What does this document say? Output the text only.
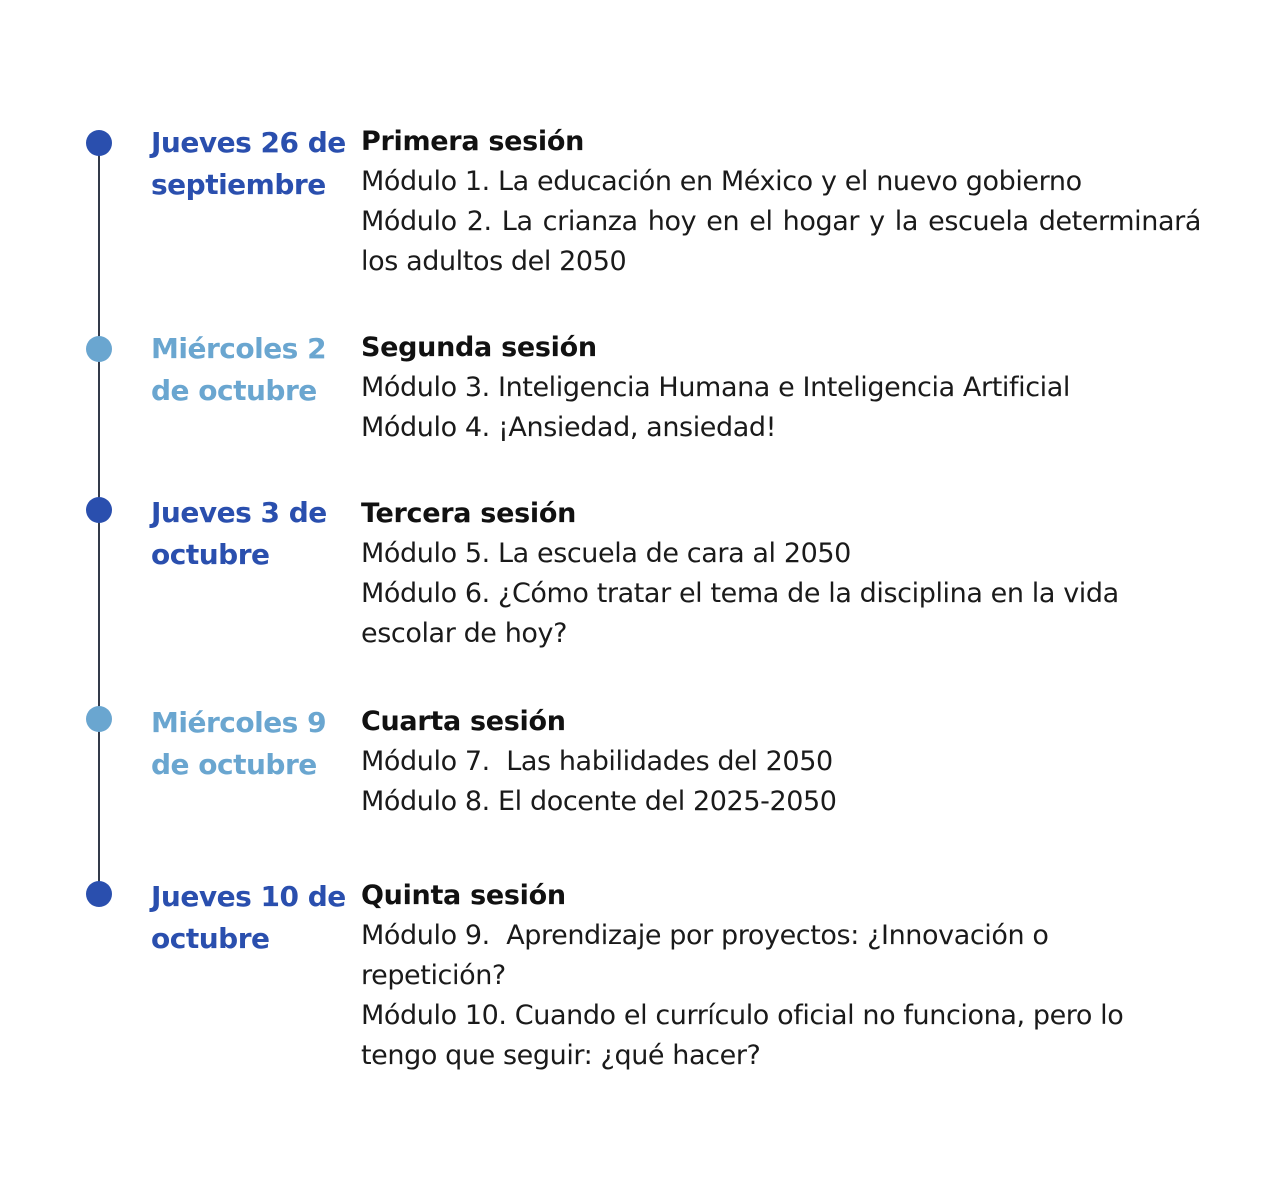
Jueves 26 de
septiembre
Primera sesión
Módulo 1. La educación en México y el nuevo gobierno
Módulo 2. La crianza hoy en el hogar y la escuela determinará los adultos del 2050
Miércoles 2
de octubre
Segunda sesión
Módulo 3. Inteligencia Humana e Inteligencia Artificial
Módulo 4. ¡Ansiedad, ansiedad!
Jueves 3 de
octubre
Tercera sesión
Módulo 5. La escuela de cara al 2050
Módulo 6. ¿Cómo tratar el tema de la disciplina en la vida escolar de hoy?
Miércoles 9
de octubre
Cuarta sesión
Módulo 7.  Las habilidades del 2050
Módulo 8. El docente del 2025-2050
Jueves 10 de
octubre
Quinta sesión
Módulo 9.  Aprendizaje por proyectos: ¿Innovación o repetición?
Módulo 10. Cuando el currículo oficial no funciona, pero lo tengo que seguir: ¿qué hacer?
